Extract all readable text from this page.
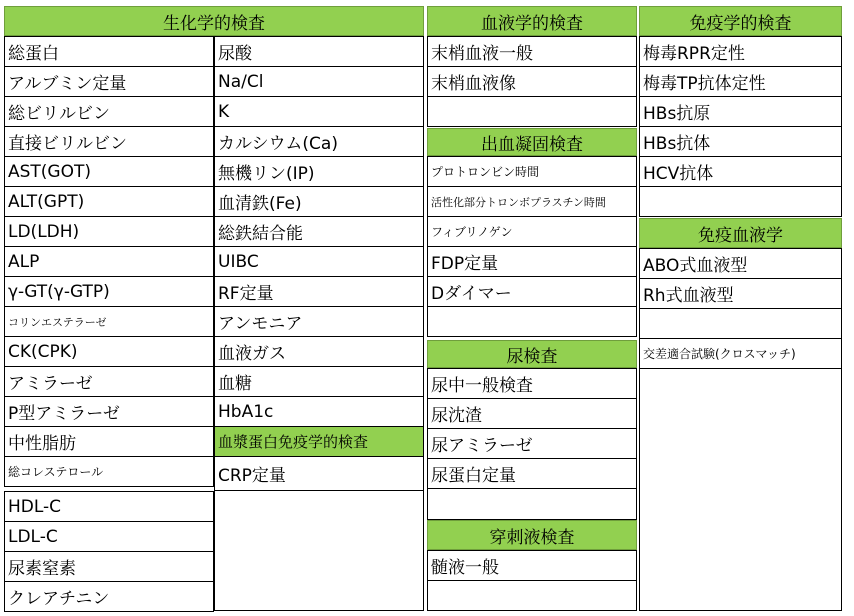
生化学的検査	血液学的検査	免疫学的検査
総蛋白
アルブミン定量
総ビリルビン
直接ビリルビン
AST(GOT)
ALT(GPT)
LD(LDH)
ALP
γ-GT(γ-GTP)
コリンエステラーゼ
CK(CPK)
アミラーゼ
P型アミラーゼ
中性脂肪
総コレステロール
HDL-C
LDL-C
尿素窒素
クレアチニン
尿酸
Na/Cl
K
カルシウム(Ca)
無機リン(IP)
血清鉄(Fe)
総鉄結合能
UIBC
RF定量
アンモニア
血液ガス
血糖
HbA1c
血漿蛋白免疫学的検査
CRP定量
末梢血液一般
末梢血液像
出血凝固検査
プロトロンビン時間
活性化部分トロンボプラスチン時間
フィブリノゲン
FDP定量
Dダイマー
尿検査
尿中一般検査
尿沈渣
尿アミラーゼ
尿蛋白定量
穿刺液検査
髄液一般
梅毒RPR定性
梅毒TP抗体定性
HBs抗原
HBs抗体
HCV抗体
免疫血液学
ABO式血液型
Rh式血液型
交差適合試験(クロスマッチ)
